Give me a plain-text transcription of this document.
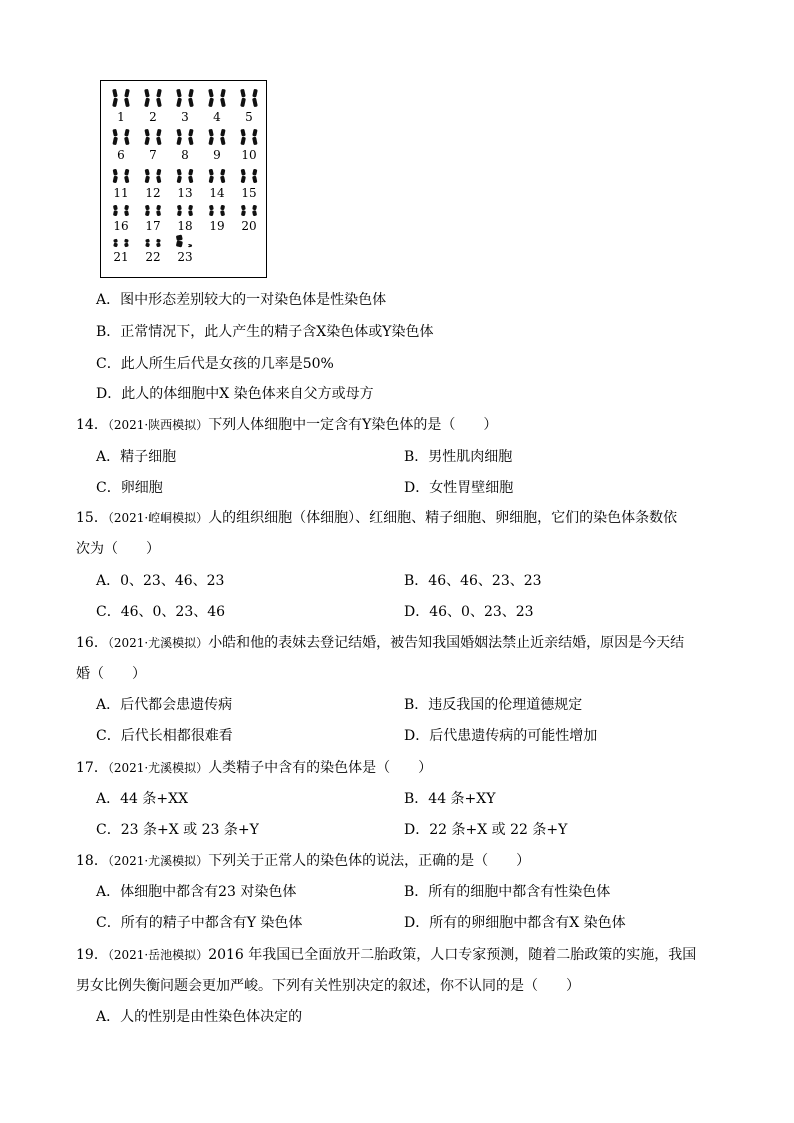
1 2 3 4 5
6 7 8 9 10
11 12 13 14 15
16 17 18 19 20
21 22 23
A．图中形态差别较大的一对染色体是性染色体
B．正常情况下，此人产生的精子含X染色体或Y染色体
C．此人所生后代是女孩的几率是50%
D．此人的体细胞中X 染色体来自父方或母方
14．（2021·陕西模拟）下列人体细胞中一定含有Y染色体的是（　　）
A．精子细胞	B．男性肌肉细胞
C．卵细胞	D．女性胃壁细胞
15．（2021·崆峒模拟）人的组织细胞（体细胞）、红细胞、精子细胞、卵细胞，它们的染色体条数依
次为（　　）
A．0、23、46、23	B．46、46、23、23
C．46、0、23、46	D．46、0、23、23
16．（2021·尤溪模拟）小皓和他的表妹去登记结婚，被告知我国婚姻法禁止近亲结婚，原因是今天结
婚（　　）
A．后代都会患遗传病	B．违反我国的伦理道德规定
C．后代长相都很难看	D．后代患遗传病的可能性增加
17．（2021·尤溪模拟）人类精子中含有的染色体是（　　）
A．44 条+XX	B．44 条+XY
C．23 条+X 或 23 条+Y	D．22 条+X 或 22 条+Y
18．（2021·尤溪模拟）下列关于正常人的染色体的说法，正确的是（　　）
A．体细胞中都含有23 对染色体	B．所有的细胞中都含有性染色体
C．所有的精子中都含有Y 染色体	D．所有的卵细胞中都含有X 染色体
19．（2021·岳池模拟）2016 年我国已全面放开二胎政策，人口专家预测，随着二胎政策的实施，我国
男女比例失衡问题会更加严峻。下列有关性别决定的叙述，你不认同的是（　　）
A．人的性别是由性染色体决定的
